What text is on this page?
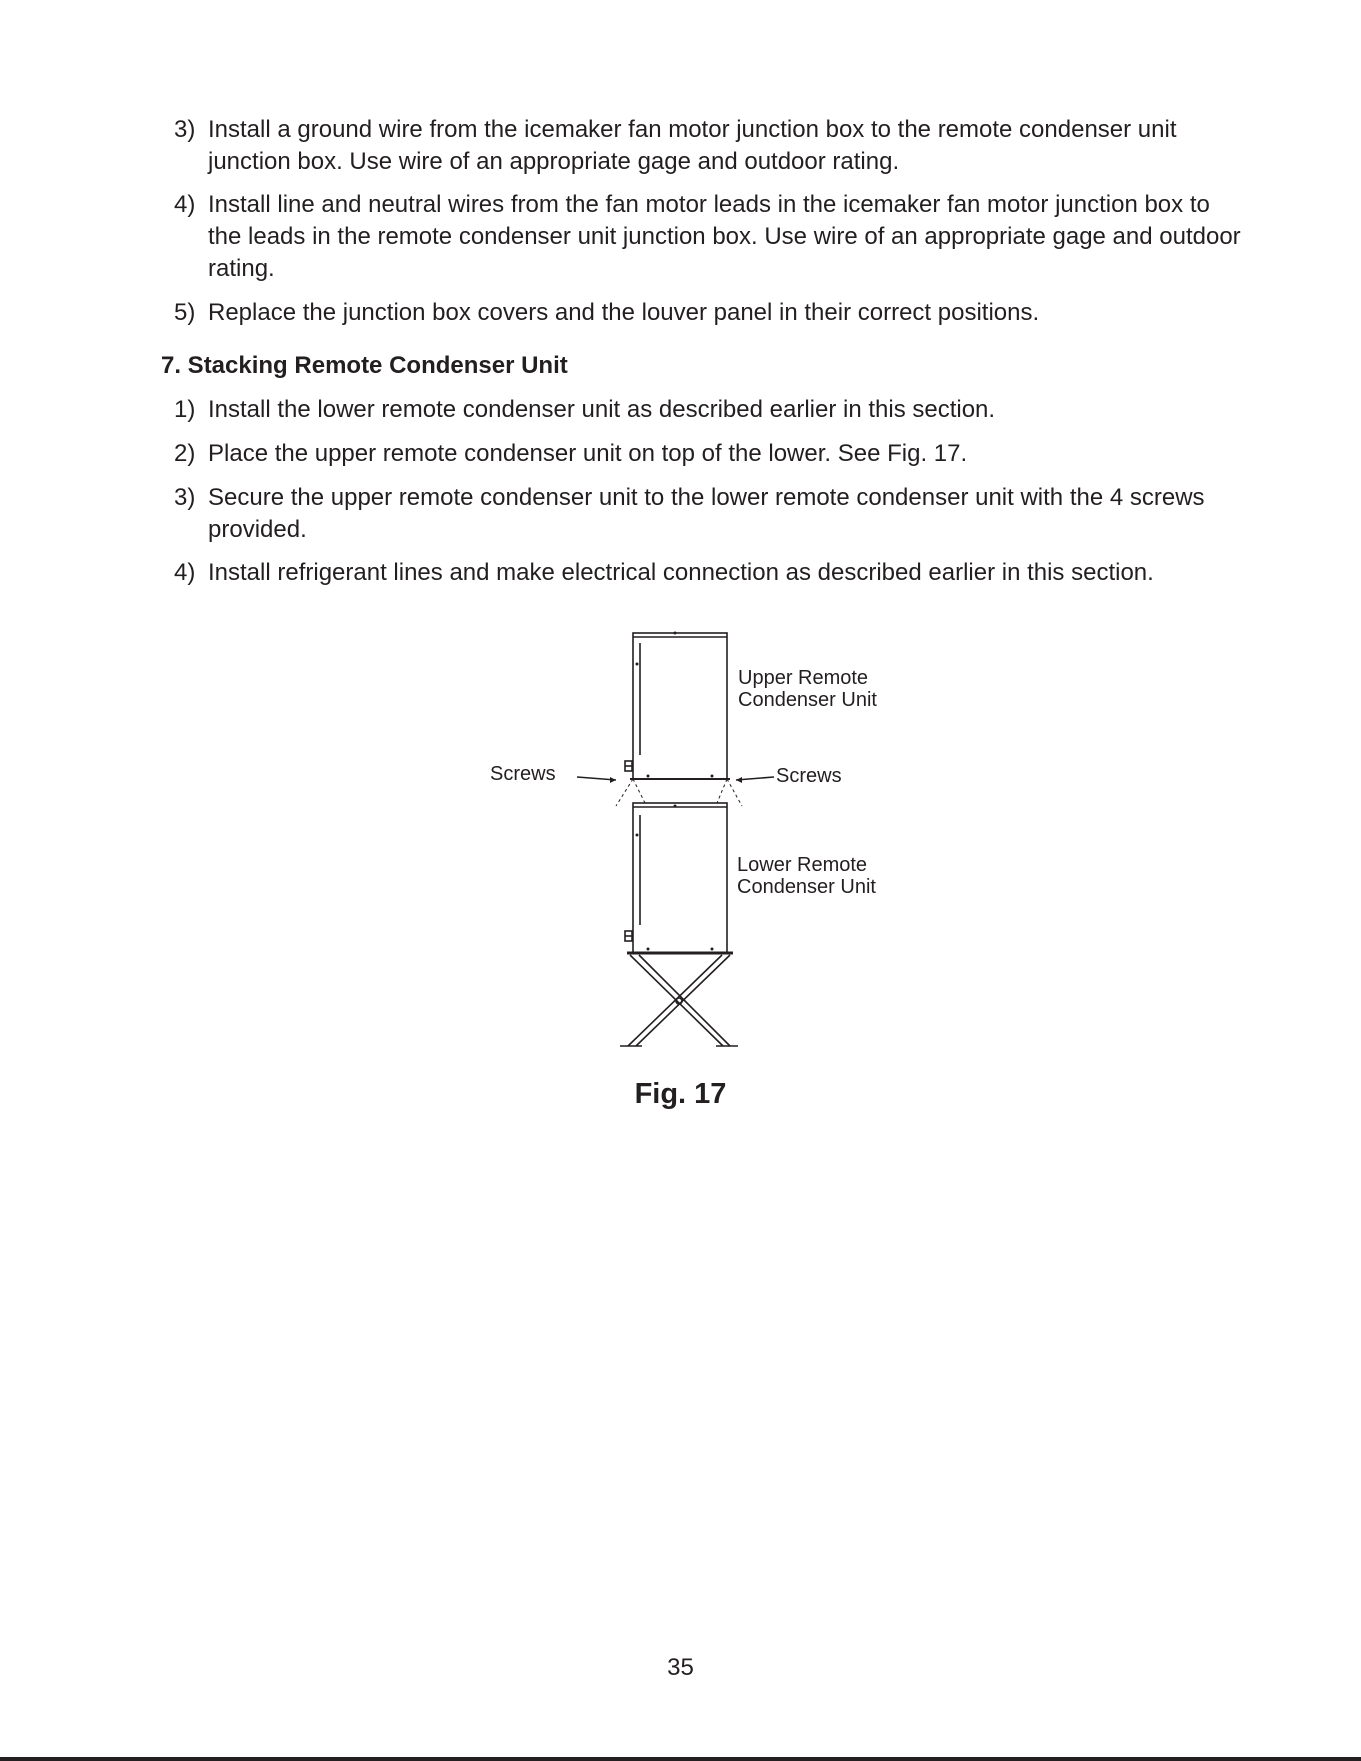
3) Install a ground wire from the icemaker fan motor junction box to the remote condenser unit junction box. Use wire of an appropriate gage and outdoor rating.
4) Install line and neutral wires from the fan motor leads in the icemaker fan motor junction box to the leads in the remote condenser unit junction box. Use wire of an appropriate gage and outdoor rating.
5) Replace the junction box covers and the louver panel in their correct positions.
7. Stacking Remote Condenser Unit
1) Install the lower remote condenser unit as described earlier in this section.
2) Place the upper remote condenser unit on top of the lower. See Fig. 17.
3) Secure the upper remote condenser unit to the lower remote condenser unit with the 4 screws provided.
4) Install refrigerant lines and make electrical connection as described earlier in this section.
Upper Remote
Condenser Unit
Screws	Screws
Lower Remote
Condenser Unit
Fig. 17
35
